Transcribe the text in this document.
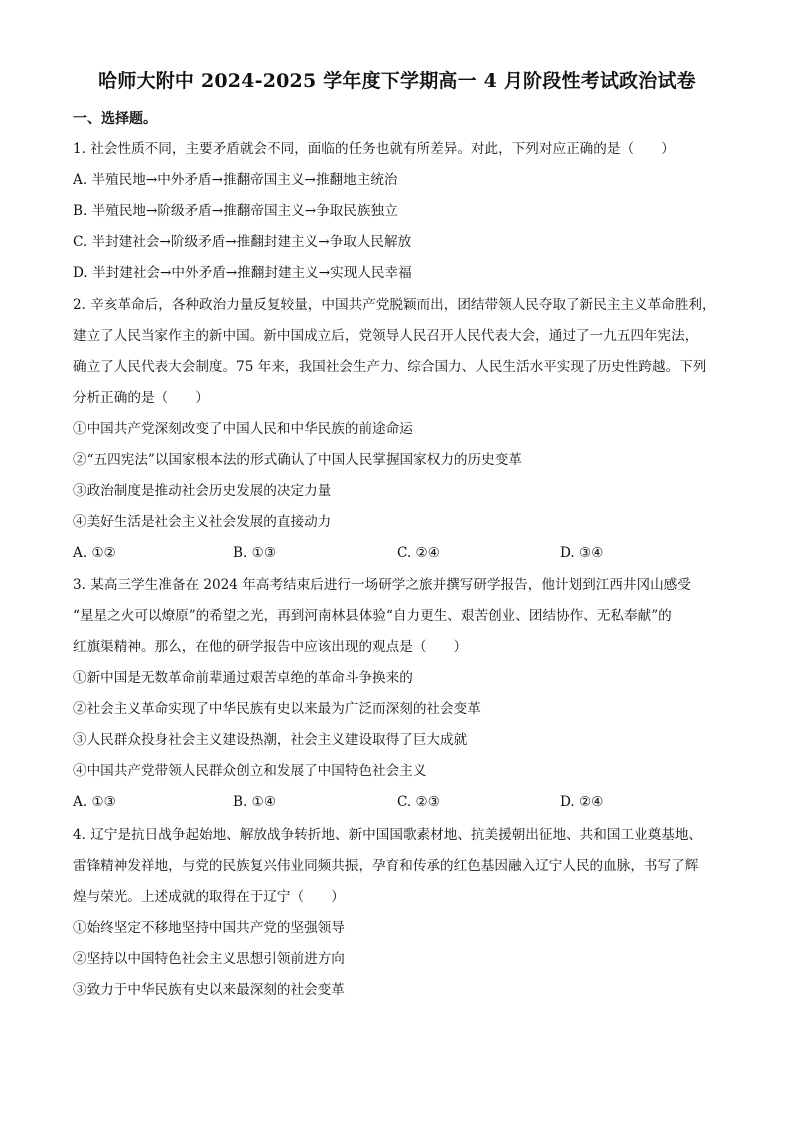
哈师大附中 2024-2025 学年度下学期高一 4 月阶段性考试政治试卷
一、选择题。
1. 社会性质不同，主要矛盾就会不同，面临的任务也就有所差异。对此，下列对应正确的是（　　）
A. 半殖民地→中外矛盾→推翻帝国主义→推翻地主统治
B. 半殖民地→阶级矛盾→推翻帝国主义→争取民族独立
C. 半封建社会→阶级矛盾→推翻封建主义→争取人民解放
D. 半封建社会→中外矛盾→推翻封建主义→实现人民幸福
2. 辛亥革命后，各种政治力量反复较量，中国共产党脱颖而出，团结带领人民夺取了新民主主义革命胜利，
建立了人民当家作主的新中国。新中国成立后，党领导人民召开人民代表大会，通过了一九五四年宪法，
确立了人民代表大会制度。75 年来，我国社会生产力、综合国力、人民生活水平实现了历史性跨越。下列
分析正确的是（　　）
①中国共产党深刻改变了中国人民和中华民族的前途命运
②“五四宪法”以国家根本法的形式确认了中国人民掌握国家权力的历史变革
③政治制度是推动社会历史发展的决定力量
④美好生活是社会主义社会发展的直接动力
A. ①②	B. ①③	C. ②④	D. ③④
3. 某高三学生准备在 2024 年高考结束后进行一场研学之旅并撰写研学报告，他计划到江西井冈山感受
“星星之火可以燎原”的希望之光，再到河南林县体验“自力更生、艰苦创业、团结协作、无私奉献”的
红旗渠精神。那么，在他的研学报告中应该出现的观点是（　　）
①新中国是无数革命前辈通过艰苦卓绝的革命斗争换来的
②社会主义革命实现了中华民族有史以来最为广泛而深刻的社会变革
③人民群众投身社会主义建设热潮，社会主义建设取得了巨大成就
④中国共产党带领人民群众创立和发展了中国特色社会主义
A. ①③	B. ①④	C. ②③	D. ②④
4. 辽宁是抗日战争起始地、解放战争转折地、新中国国歌素材地、抗美援朝出征地、共和国工业奠基地、
雷锋精神发祥地，与党的民族复兴伟业同频共振，孕育和传承的红色基因融入辽宁人民的血脉，书写了辉
煌与荣光。上述成就的取得在于辽宁（　　）
①始终坚定不移地坚持中国共产党的坚强领导
②坚持以中国特色社会主义思想引领前进方向
③致力于中华民族有史以来最深刻的社会变革
